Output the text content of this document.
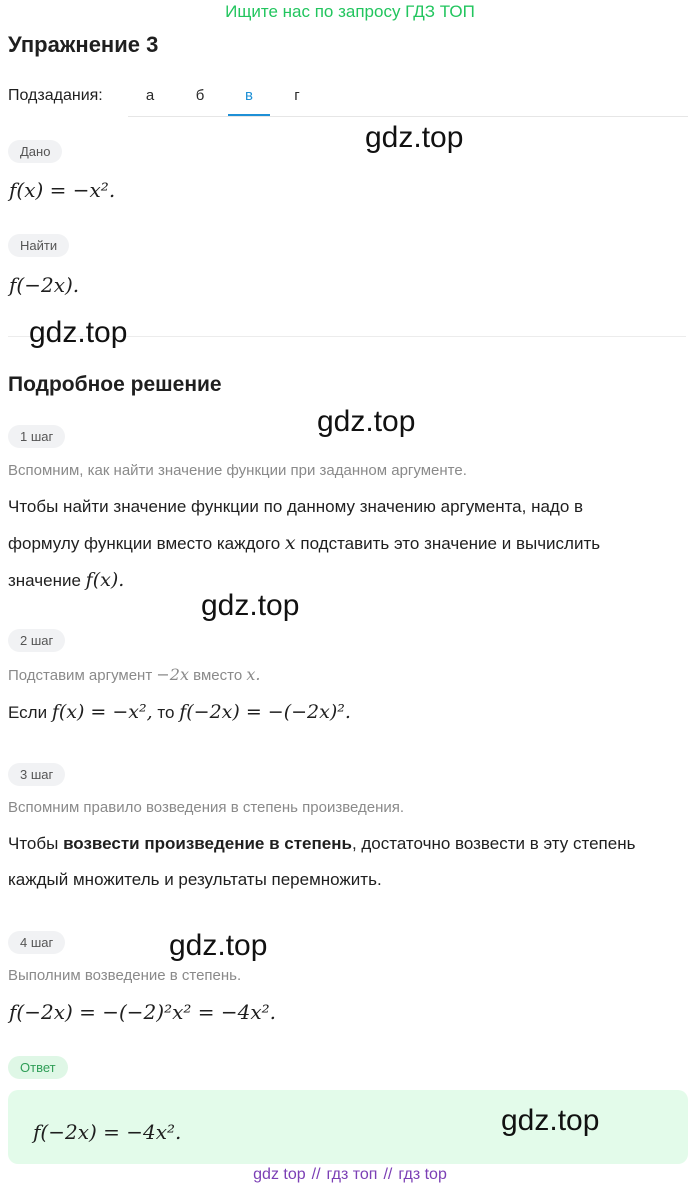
Ищите нас по запросу ГДЗ ТОП
Упражнение 3
Подзадания:	а	б	в	г
Дано
f(x) = −x².
Найти
f(−2x).
Подробное решение
1 шаг
Вспомним, как найти значение функции при заданном аргументе.
Чтобы найти значение функции по данному значению аргумента, надо в
формулу функции вместо каждого x подставить это значение и вычислить
значение f(x).
2 шаг
Подставим аргумент −2x вместо x.
Если f(x) = −x², то f(−2x) = −(−2x)².
3 шаг
Вспомним правило возведения в степень произведения.
Чтобы возвести произведение в степень, достаточно возвести в эту степень
каждый множитель и результаты перемножить.
4 шаг
Выполним возведение в степень.
f(−2x) = −(−2)²x² = −4x².
Ответ
f(−2x) = −4x².
gdz.top
gdz.top
gdz.top
gdz.top
gdz.top
gdz.top
gdz top // гдз топ // гдз top
